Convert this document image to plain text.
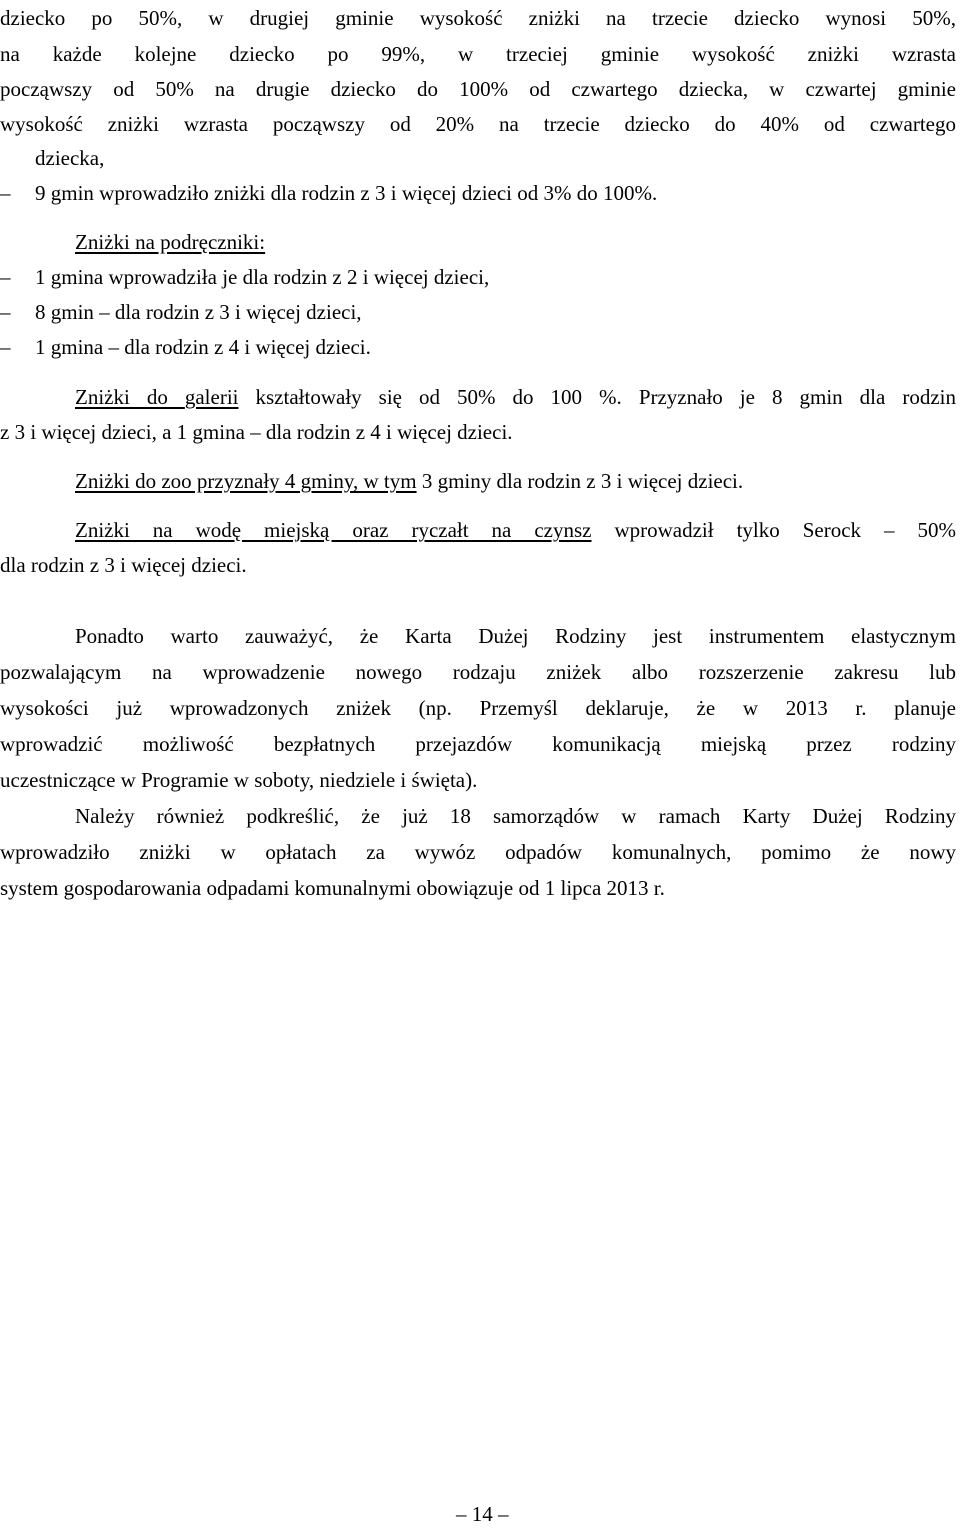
dziecko po 50%, w drugiej gminie wysokość zniżki na trzecie dziecko wynosi 50%,
na każde kolejne dziecko po 99%, w trzeciej gminie wysokość zniżki wzrasta
począwszy od 50% na drugie dziecko do 100% od czwartego dziecka, w czwartej gminie
wysokość zniżki wzrasta począwszy od 20% na trzecie dziecko do 40% od czwartego
dziecka,
–	9 gmin wprowadziło zniżki dla rodzin z 3 i więcej dzieci od 3% do 100%.
Zniżki na podręczniki:
–	1 gmina wprowadziła je dla rodzin z 2 i więcej dzieci,
–	8 gmin – dla rodzin z 3 i więcej dzieci,
–	1 gmina – dla rodzin z 4 i więcej dzieci.
Zniżki do galerii kształtowały się od 50% do 100 %. Przyznało je 8 gmin dla rodzin
z 3 i więcej dzieci, a 1 gmina – dla rodzin z 4 i więcej dzieci.
Zniżki do zoo przyznały 4 gminy, w tym 3 gminy dla rodzin z 3 i więcej dzieci.
Zniżki na wodę miejską oraz ryczałt na czynsz wprowadził tylko Serock – 50%
dla rodzin z 3 i więcej dzieci.
Ponadto warto zauważyć, że Karta Dużej Rodziny jest instrumentem elastycznym
pozwalającym na wprowadzenie nowego rodzaju zniżek albo rozszerzenie zakresu lub
wysokości już wprowadzonych zniżek (np. Przemyśl deklaruje, że w 2013 r. planuje
wprowadzić możliwość bezpłatnych przejazdów komunikacją miejską przez rodziny
uczestniczące w Programie w soboty, niedziele i święta).
Należy również podkreślić, że już 18 samorządów w ramach Karty Dużej Rodziny
wprowadziło zniżki w opłatach za wywóz odpadów komunalnych, pomimo że nowy
system gospodarowania odpadami komunalnymi obowiązuje od 1 lipca 2013 r.
– 14 –
